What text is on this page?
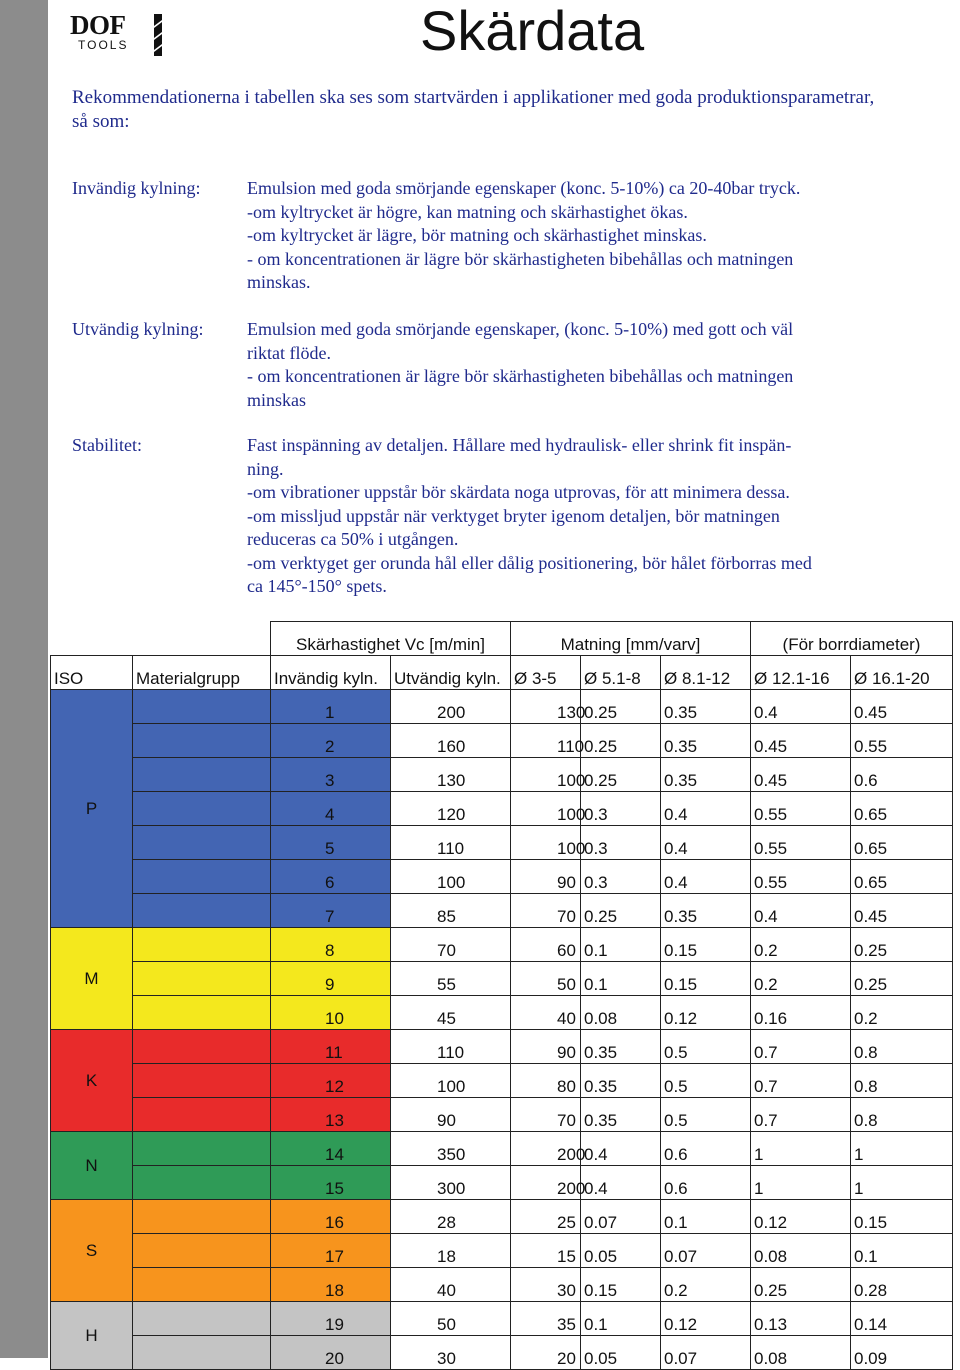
DOF
TOOLS	Skärdata
Rekommendationerna i tabellen ska ses som startvärden i applikationer med goda produktionsparametrar, så som:
Invändig kylning:	Emulsion med goda smörjande egenskaper (konc. 5-10%) ca 20-40bar tryck.
-om kyltrycket är högre, kan matning och skärhastighet ökas.
-om kyltrycket är lägre, bör matning och skärhastighet minskas.
- om koncentrationen är lägre bör skärhastigheten bibehållas och matningen
minskas.
Utvändig kylning: Emulsion med goda smörjande egenskaper, (konc. 5-10%) med gott och väl
riktat flöde.
- om koncentrationen är lägre bör skärhastigheten bibehållas och matningen
minskas
Stabilitet:	Fast inspänning av detaljen. Hållare med hydraulisk- eller shrink fit inspän-
ning.
-om vibrationer uppstår bör skärdata noga utprovas, för att minimera dessa.
-om missljud uppstår när verktyget bryter igenom detaljen, bör matningen
reduceras ca 50% i utgången.
-om verktyget ger orunda hål eller dålig positionering, bör hålet förborras med
ca 145°-150° spets.
		Skärhastighet Vc [m/min]		Matning [mm/varv]			(För borrdiameter)		
ISO	Materialgrupp	Invändig kyln.	Utvändig kyln.	Ø 3-5	Ø 5.1-8	Ø 8.1-12	Ø 12.1-16	Ø 16.1-20	
P		1	200	130	0.25	0.35	0.4	0.45	
		2	160	110	0.25	0.35	0.45	0.55	
		3	130	100	0.25	0.35	0.45	0.6	
		4	120	100	0.3	0.4	0.55	0.65	
		5	110	100	0.3	0.4	0.55	0.65	
		6	100	90	0.3	0.4	0.55	0.65	
		7	85	70	0.25	0.35	0.4	0.45	
M		8	70	60	0.1	0.15	0.2	0.25	
		9	55	50	0.1	0.15	0.2	0.25	
		10	45	40	0.08	0.12	0.16	0.2	
K		11	110	90	0.35	0.5	0.7	0.8	
		12	100	80	0.35	0.5	0.7	0.8	
		13	90	70	0.35	0.5	0.7	0.8	
N		14	350	200	0.4	0.6	1	1	
		15	300	200	0.4	0.6	1	1	
S		16	28	25	0.07	0.1	0.12	0.15	
		17	18	15	0.05	0.07	0.08	0.1	
		18	40	30	0.15	0.2	0.25	0.28	
H		19	50	35	0.1	0.12	0.13	0.14	
		20	30	20	0.05	0.07	0.08	0.09	
